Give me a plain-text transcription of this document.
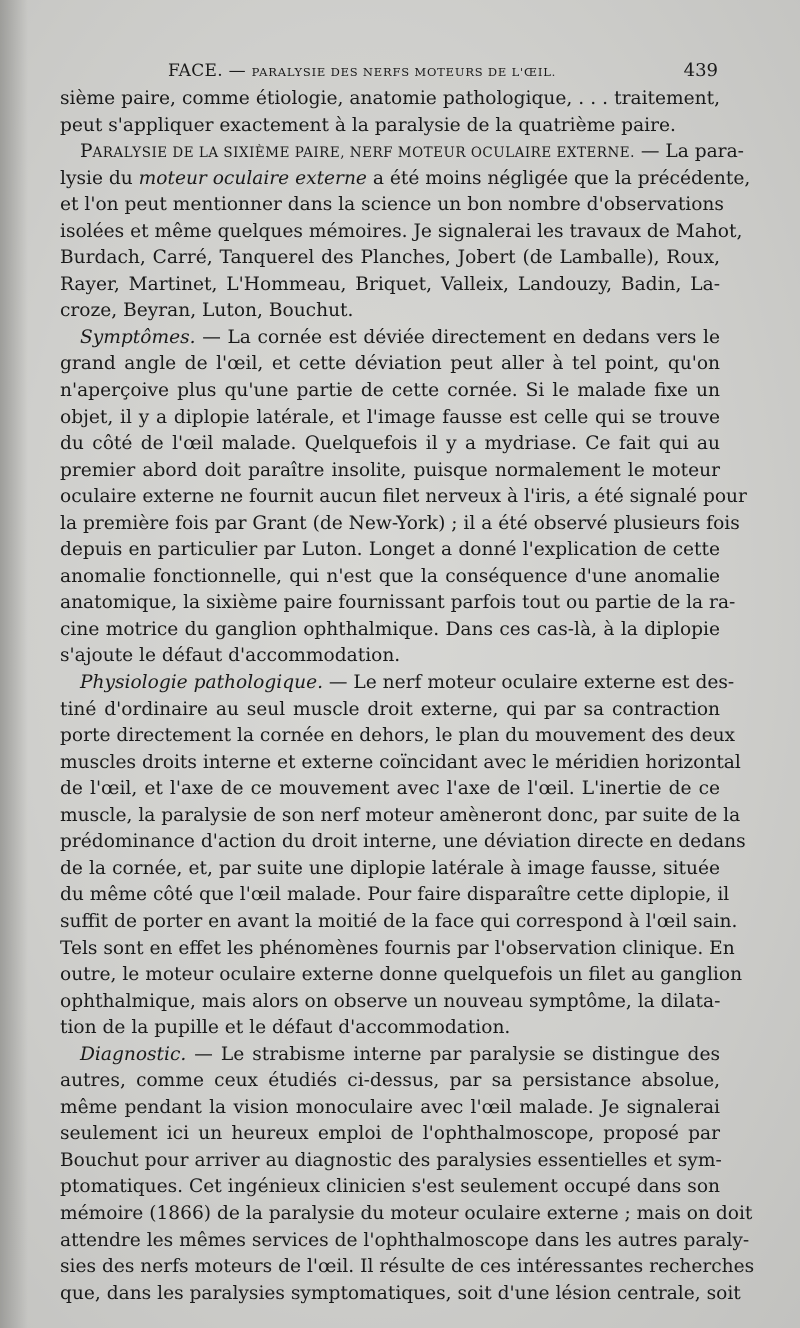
FACE. — PARALYSIE DES NERFS MOTEURS DE L'ŒIL.	439
sième paire, comme étiologie, anatomie pathologique, . . . traitement,
peut s'appliquer exactement à la paralysie de la quatrième paire.
PARALYSIE DE LA SIXIÈME PAIRE, NERF MOTEUR OCULAIRE EXTERNE. — La para-
lysie du moteur oculaire externe a été moins négligée que la précédente,
et l'on peut mentionner dans la science un bon nombre d'observations
isolées et même quelques mémoires. Je signalerai les travaux de Mahot,
Burdach, Carré, Tanquerel des Planches, Jobert (de Lamballe), Roux,
Rayer, Martinet, L'Hommeau, Briquet, Valleix, Landouzy, Badin, La-
croze, Beyran, Luton, Bouchut.
Symptômes. — La cornée est déviée directement en dedans vers le
grand angle de l'œil, et cette déviation peut aller à tel point, qu'on
n'aperçoive plus qu'une partie de cette cornée. Si le malade fixe un
objet, il y a diplopie latérale, et l'image fausse est celle qui se trouve
du côté de l'œil malade. Quelquefois il y a mydriase. Ce fait qui au
premier abord doit paraître insolite, puisque normalement le moteur
oculaire externe ne fournit aucun filet nerveux à l'iris, a été signalé pour
la première fois par Grant (de New-York) ; il a été observé plusieurs fois
depuis en particulier par Luton. Longet a donné l'explication de cette
anomalie fonctionnelle, qui n'est que la conséquence d'une anomalie
anatomique, la sixième paire fournissant parfois tout ou partie de la ra-
cine motrice du ganglion ophthalmique. Dans ces cas-là, à la diplopie
s'ajoute le défaut d'accommodation.
Physiologie pathologique. — Le nerf moteur oculaire externe est des-
tiné d'ordinaire au seul muscle droit externe, qui par sa contraction
porte directement la cornée en dehors, le plan du mouvement des deux
muscles droits interne et externe coïncidant avec le méridien horizontal
de l'œil, et l'axe de ce mouvement avec l'axe de l'œil. L'inertie de ce
muscle, la paralysie de son nerf moteur amèneront donc, par suite de la
prédominance d'action du droit interne, une déviation directe en dedans
de la cornée, et, par suite une diplopie latérale à image fausse, située
du même côté que l'œil malade. Pour faire disparaître cette diplopie, il
suffit de porter en avant la moitié de la face qui correspond à l'œil sain.
Tels sont en effet les phénomènes fournis par l'observation clinique. En
outre, le moteur oculaire externe donne quelquefois un filet au ganglion
ophthalmique, mais alors on observe un nouveau symptôme, la dilata-
tion de la pupille et le défaut d'accommodation.
Diagnostic. — Le strabisme interne par paralysie se distingue des
autres, comme ceux étudiés ci-dessus, par sa persistance absolue,
même pendant la vision monoculaire avec l'œil malade. Je signalerai
seulement ici un heureux emploi de l'ophthalmoscope, proposé par
Bouchut pour arriver au diagnostic des paralysies essentielles et sym-
ptomatiques. Cet ingénieux clinicien s'est seulement occupé dans son
mémoire (1866) de la paralysie du moteur oculaire externe ; mais on doit
attendre les mêmes services de l'ophthalmoscope dans les autres paraly-
sies des nerfs moteurs de l'œil. Il résulte de ces intéressantes recherches
que, dans les paralysies symptomatiques, soit d'une lésion centrale, soit
